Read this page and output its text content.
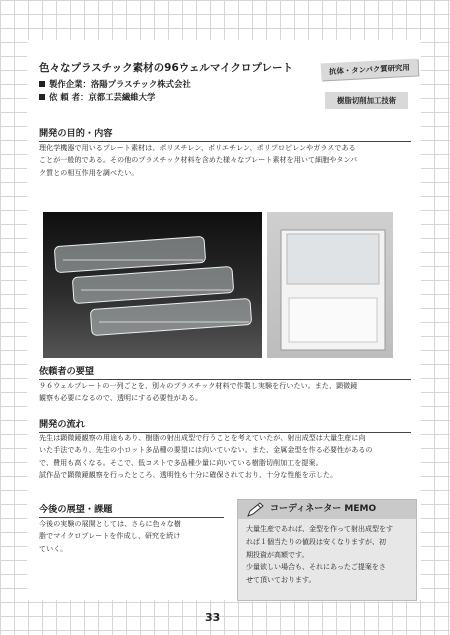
色々なプラスチック素材の96ウェルマイクロプレート
製作企業：洛陽プラスチック株式会社
依 頼 者：京都工芸繊維大学
抗体・タンパク質研究用
樹脂切削加工技術
開発の目的・内容
理化学機器で用いるプレート素材は、ポリスチレン、ポリエチレン、ポリプロピレンやガラスである
ことが一般的である。その他のプラスチック材料を含めた様々なプレート素材を用いて細胞やタンパ
ク質との相互作用を調べたい。
依頼者の要望
９６ウェルプレートの一列ごとを、別々のプラスチック材料で作製し実験を行いたい。また、顕微鏡
観察も必要になるので、透明にする必要性がある。
開発の流れ
先生は顕微鏡観察の用途もあり、樹脂の射出成型で行うことを考えていたが、射出成型は大量生産に向
いた手法であり、先生の小ロット多品種の要望には向いていない。また、金属金型を作る必要性があるの
で、費用も高くなる。そこで、低コストで多品種少量に向いている樹脂切削加工を提案。
試作品で顕微鏡観察を行ったところ、透明性も十分に確保されており、十分な性能を示した。
今後の展望・課題
今後の実験の展開としては、さらに色々な樹
脂でマイクロプレートを作成し、研究を続け
ていく。
コーディネーター MEMO
大量生産であれば、金型を作って射出成型をす
れば１個当たりの値段は安くなりますが、初
期投資が高額です。
少量欲しい場合も、それにあったご提案をさ
せて頂いております。
33
